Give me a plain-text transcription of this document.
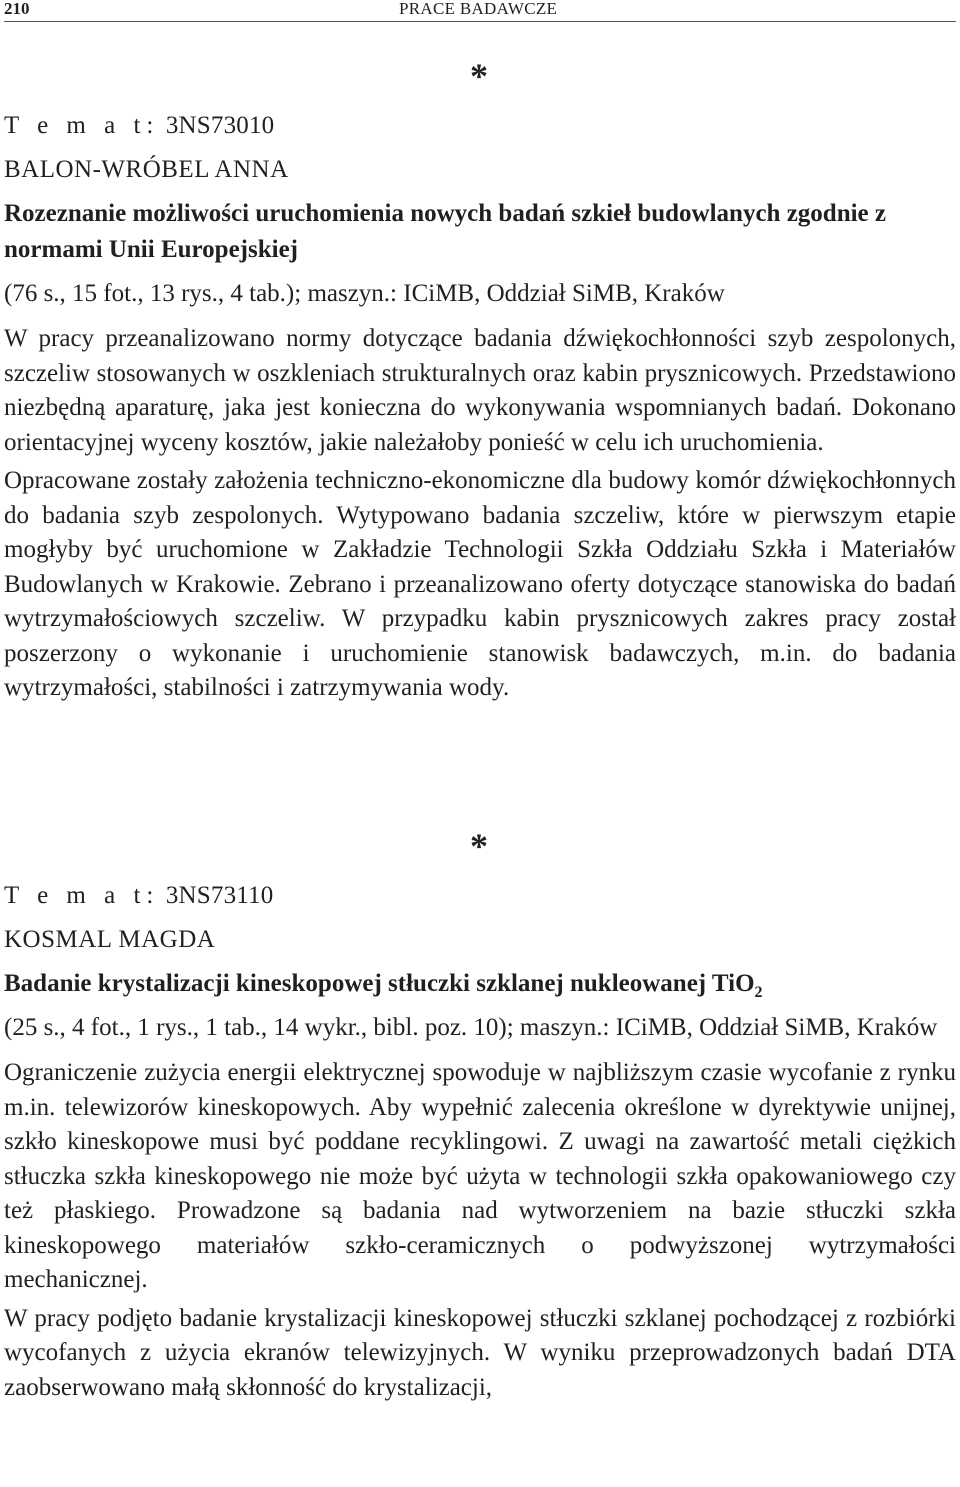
210	PRACE BADAWCZE
*

T e m a t: 3NS73010

BALON-WRÓBEL ANNA

Rozeznanie możliwości uruchomienia nowych badań szkieł budowlanych zgodnie z normami Unii Europejskiej

(76 s., 15 fot., 13 rys., 4 tab.); maszyn.: ICiMB, Oddział SiMB, Kraków

W pracy przeanalizowano normy dotyczące badania dźwiękochłonności szyb zespolonych, szczeliw stosowanych w oszkleniach strukturalnych oraz kabin prysznicowych. Przedstawiono niezbędną aparaturę, jaka jest konieczna do wykonywania wspomnianych badań. Dokonano orientacyjnej wyceny kosztów, jakie należałoby ponieść w celu ich uruchomienia.

Opracowane zostały założenia techniczno-ekonomiczne dla budowy komór dźwiękochłonnych do badania szyb zespolonych. Wytypowano badania szczeliw, które w pierwszym etapie mogłyby być uruchomione w Zakładzie Technologii Szkła Oddziału Szkła i Materiałów Budowlanych w Krakowie. Zebrano i przeanalizowano oferty dotyczące stanowiska do badań wytrzymałościowych szczeliw. W przypadku kabin prysznicowych zakres pracy został poszerzony o wykonanie i uruchomienie stanowisk badawczych, m.in. do badania wytrzymałości, stabilności i zatrzymywania wody.

*

T e m a t: 3NS73110

KOSMAL MAGDA

Badanie krystalizacji kineskopowej stłuczki szklanej nukleowanej TiO$_2$

(25 s., 4 fot., 1 rys., 1 tab., 14 wykr., bibl. poz. 10); maszyn.: ICiMB, Oddział SiMB, Kraków

Ograniczenie zużycia energii elektrycznej spowoduje w najbliższym czasie wycofanie z rynku m.in. telewizorów kineskopowych. Aby wypełnić zalecenia określone w dyrektywie unijnej, szkło kineskopowe musi być poddane recyklingowi. Z uwagi na zawartość metali ciężkich stłuczka szkła kineskopowego nie może być użyta w technologii szkła opakowaniowego czy też płaskiego. Prowadzone są badania nad wytworzeniem na bazie stłuczki szkła kineskopowego materiałów szkło-ceramicznych o podwyższonej wytrzymałości mechanicznej.

W pracy podjęto badanie krystalizacji kineskopowej stłuczki szklanej pochodzącej z rozbiórki wycofanych z użycia ekranów telewizyjnych. W wyniku przeprowadzonych badań DTA zaobserwowano małą skłonność do krystalizacji,
